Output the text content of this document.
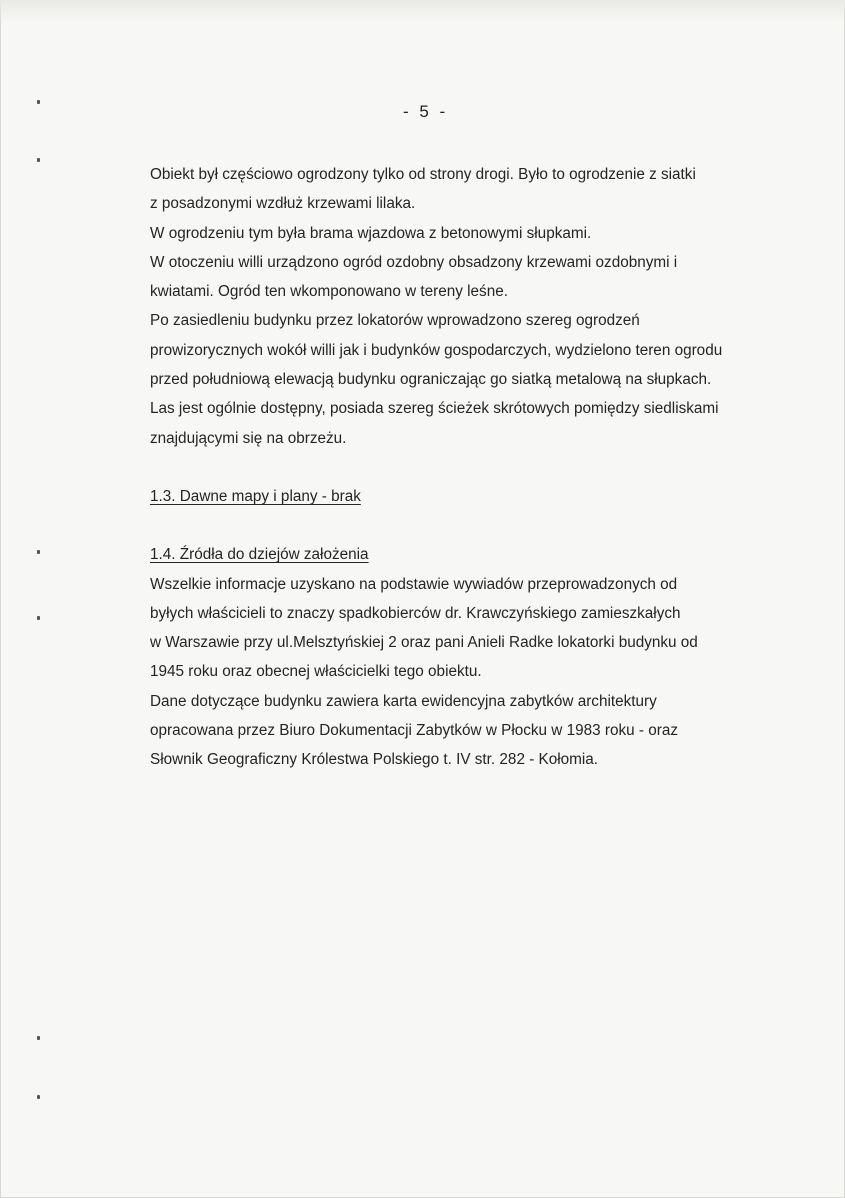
- 5 -
Obiekt był częściowo ogrodzony tylko od strony drogi. Było to ogrodzenie z siatki
z posadzonymi wzdłuż krzewami lilaka.
W ogrodzeniu tym była brama wjazdowa z betonowymi słupkami.
W otoczeniu willi urządzono ogród ozdobny obsadzony krzewami ozdobnymi i
kwiatami. Ogród ten wkomponowano w tereny leśne.
Po zasiedleniu budynku przez lokatorów wprowadzono szereg ogrodzeń
prowizorycznych wokół willi jak i budynków gospodarczych, wydzielono teren ogrodu
przed południową elewacją budynku ograniczając go siatką metalową na słupkach.
Las jest ogólnie dostępny, posiada szereg ścieżek skrótowych pomiędzy siedliskami
znajdującymi się na obrzeżu.
1.3. Dawne mapy i plany - brak
1.4. Źródła do dziejów założenia
Wszelkie informacje uzyskano na podstawie wywiadów przeprowadzonych od
byłych właścicieli to znaczy spadkobierców dr. Krawczyńskiego zamieszkałych
w Warszawie przy ul.Melsztyńskiej 2 oraz pani Anieli Radke lokatorki budynku od
1945 roku oraz obecnej właścicielki tego obiektu.
Dane dotyczące budynku zawiera karta ewidencyjna zabytków architektury
opracowana przez Biuro Dokumentacji Zabytków w Płocku w 1983 roku - oraz
Słownik Geograficzny Królestwa Polskiego t. IV str. 282 - Kołomia.
